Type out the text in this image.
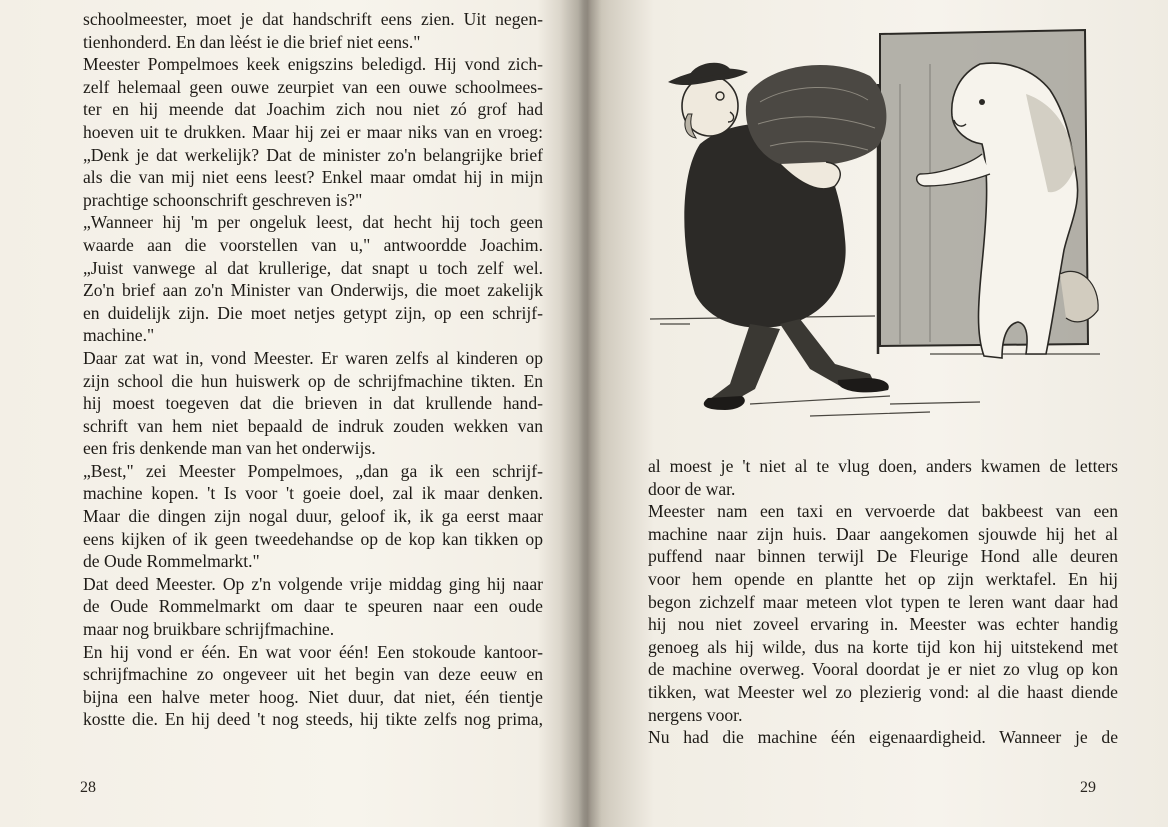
schoolmeester, moet je dat handschrift eens zien. Uit negen-
tienhonderd. En dan lèést ie die brief niet eens."
Meester Pompelmoes keek enigszins beledigd. Hij vond zich-
zelf helemaal geen ouwe zeurpiet van een ouwe schoolmees-
ter en hij meende dat Joachim zich nou niet zó grof had
hoeven uit te drukken. Maar hij zei er maar niks van en vroeg:
„Denk je dat werkelijk? Dat de minister zo'n belangrijke brief
als die van mij niet eens leest? Enkel maar omdat hij in mijn
prachtige schoonschrift geschreven is?"
„Wanneer hij 'm per ongeluk leest, dat hecht hij toch geen
waarde aan die voorstellen van u," antwoordde Joachim.
„Juist vanwege al dat krullerige, dat snapt u toch zelf wel.
Zo'n brief aan zo'n Minister van Onderwijs, die moet zakelijk
en duidelijk zijn. Die moet netjes getypt zijn, op een schrijf-
machine."
Daar zat wat in, vond Meester. Er waren zelfs al kinderen op
zijn school die hun huiswerk op de schrijfmachine tikten. En
hij moest toegeven dat die brieven in dat krullende hand-
schrift van hem niet bepaald de indruk zouden wekken van
een fris denkende man van het onderwijs.
„Best," zei Meester Pompelmoes, „dan ga ik een schrijf-
machine kopen. 't Is voor 't goeie doel, zal ik maar denken.
Maar die dingen zijn nogal duur, geloof ik, ik ga eerst maar
eens kijken of ik geen tweedehandse op de kop kan tikken op
de Oude Rommelmarkt."
Dat deed Meester. Op z'n volgende vrije middag ging hij naar
de Oude Rommelmarkt om daar te speuren naar een oude
maar nog bruikbare schrijfmachine.
En hij vond er één. En wat voor één! Een stokoude kantoor-
schrijfmachine zo ongeveer uit het begin van deze eeuw en
bijna een halve meter hoog. Niet duur, dat niet, één tientje
kostte die. En hij deed 't nog steeds, hij tikte zelfs nog prima,
28
al moest je 't niet al te vlug doen, anders kwamen de letters
door de war.
Meester nam een taxi en vervoerde dat bakbeest van een
machine naar zijn huis. Daar aangekomen sjouwde hij het al
puffend naar binnen terwijl De Fleurige Hond alle deuren
voor hem opende en plantte het op zijn werktafel. En hij
begon zichzelf maar meteen vlot typen te leren want daar had
hij nou niet zoveel ervaring in. Meester was echter handig
genoeg als hij wilde, dus na korte tijd kon hij uitstekend met
de machine overweg. Vooral doordat je er niet zo vlug op kon
tikken, wat Meester wel zo plezierig vond: al die haast diende
nergens voor.
Nu had die machine één eigenaardigheid. Wanneer je de
29
